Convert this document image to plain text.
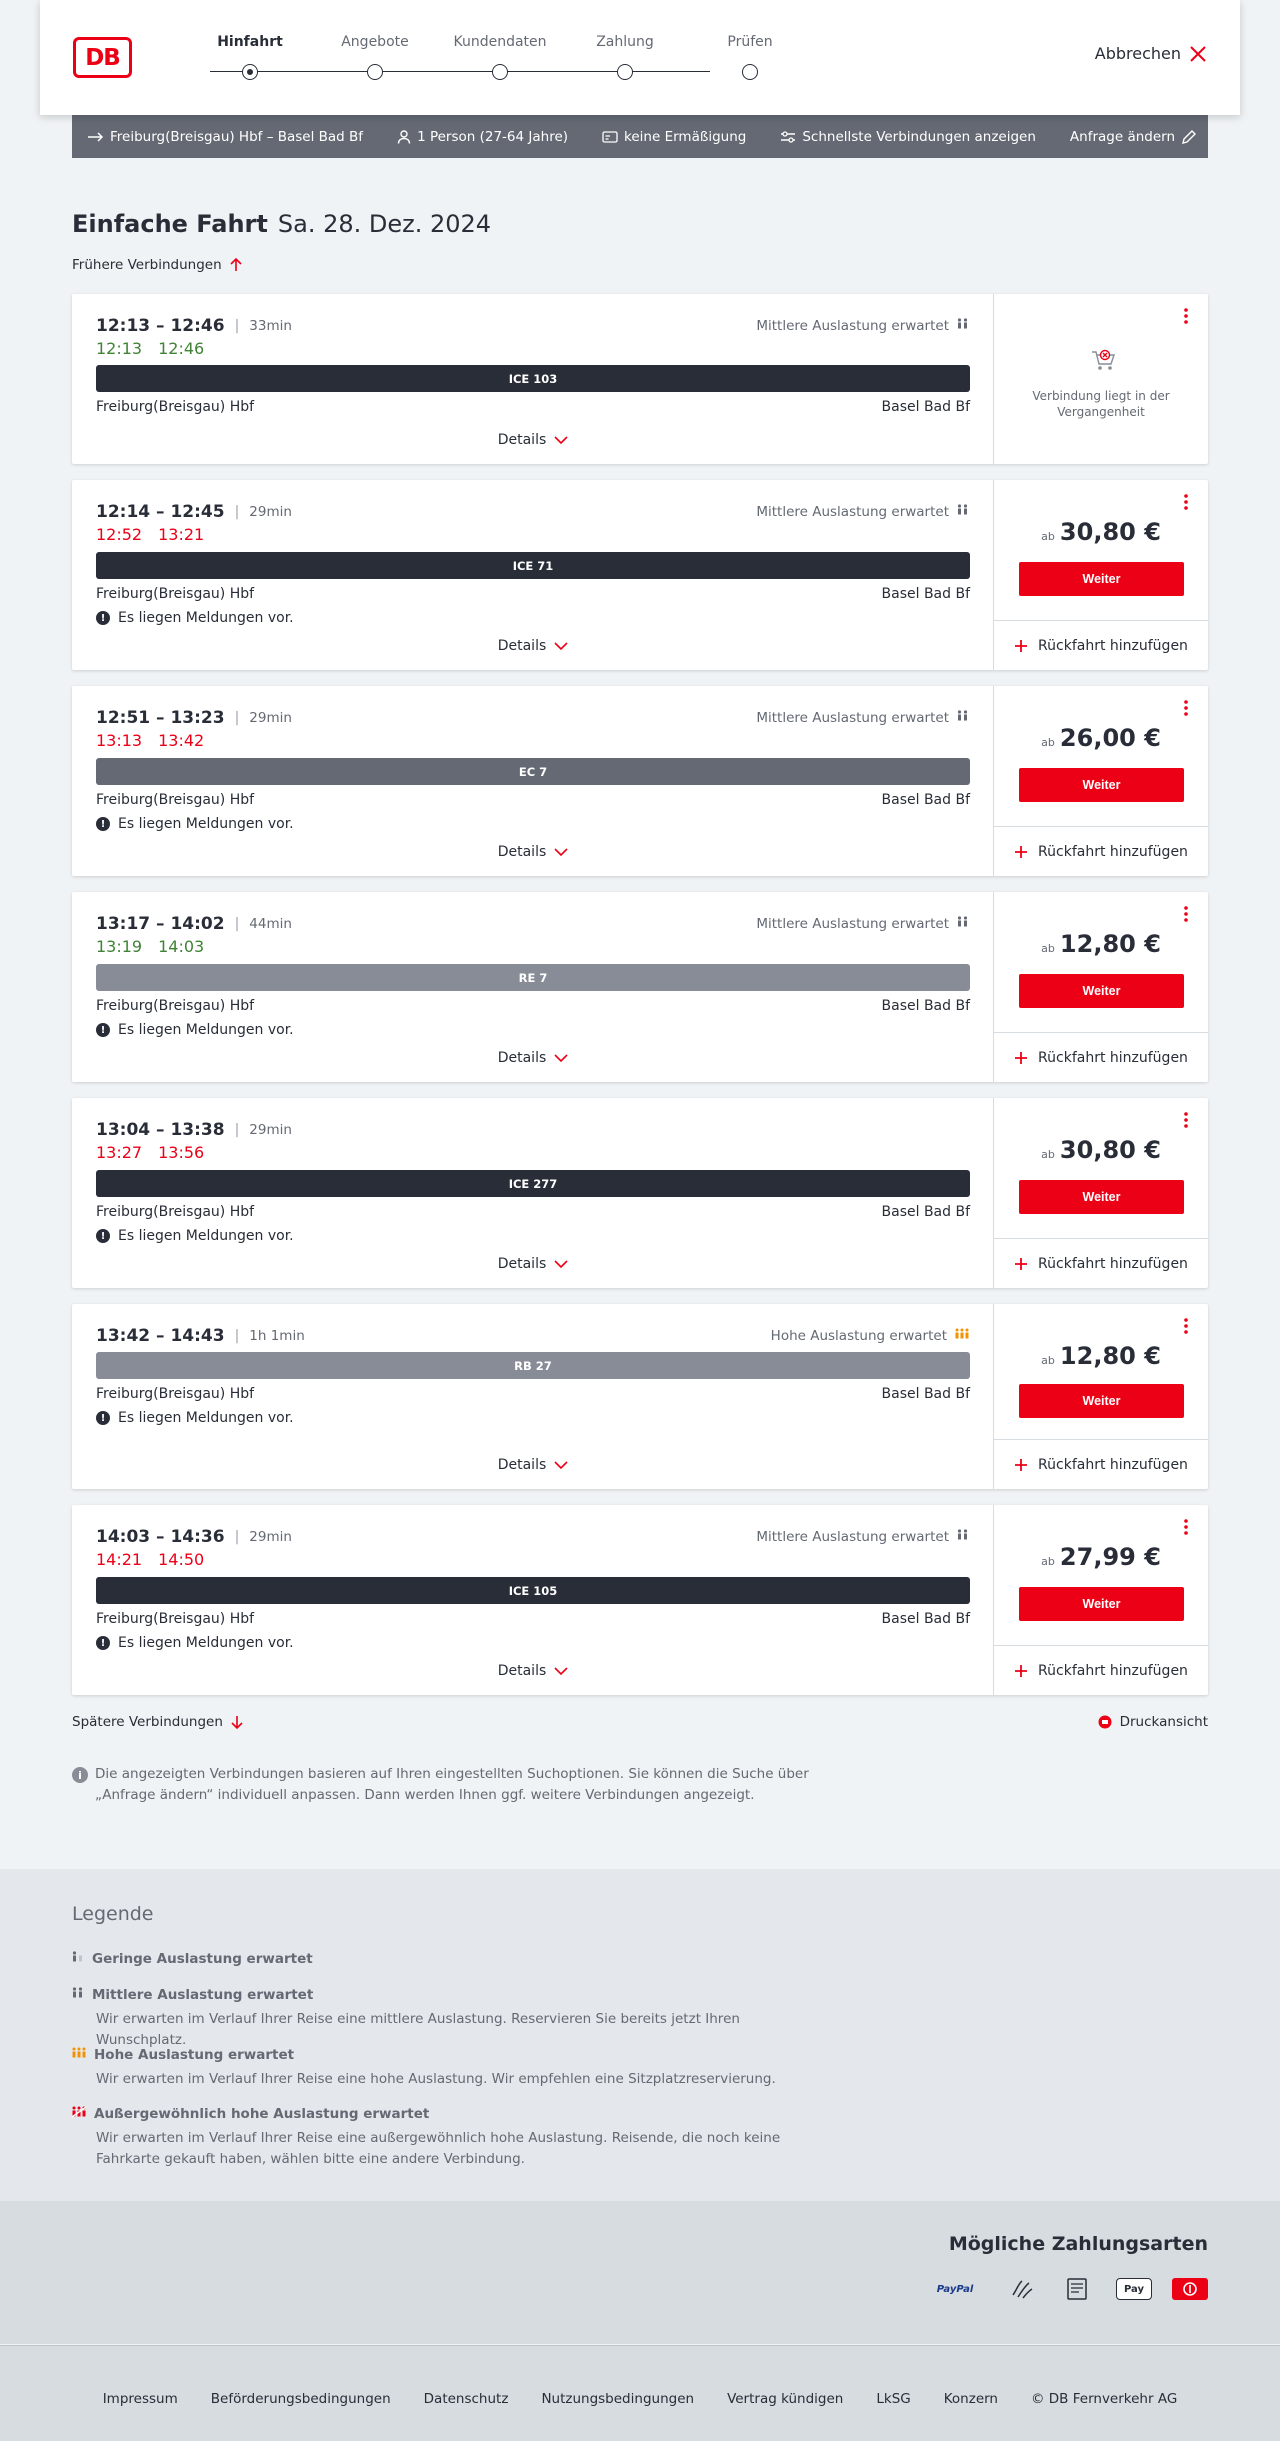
DB
Hinfahrt	Angebote	Kundendaten	Zahlung	Prüfen
Abbrechen
Freiburg(Breisgau) Hbf – Basel Bad Bf	1 Person (27-64 Jahre)	keine Ermäßigung	Schnellste Verbindungen anzeigen	Anfrage ändern
Einfache Fahrt Sa. 28. Dez. 2024
Frühere Verbindungen
12:13 – 12:46 | 33min
12:13 12:46
Mittlere Auslastung erwartet
ICE 103
Freiburg(Breisgau) Hbf	Basel Bad Bf
Details
Verbindung liegt in der Vergangenheit
12:14 – 12:45 | 29min
12:52 13:21
Mittlere Auslastung erwartet
ICE 71
Freiburg(Breisgau) Hbf	Basel Bad Bf
! Es liegen Meldungen vor.
Details
ab 30,80 €
Weiter
Rückfahrt hinzufügen
12:51 – 13:23 | 29min
13:13 13:42
Mittlere Auslastung erwartet
EC 7
Freiburg(Breisgau) Hbf	Basel Bad Bf
! Es liegen Meldungen vor.
Details
ab 26,00 €
Weiter
Rückfahrt hinzufügen
13:17 – 14:02 | 44min
13:19 14:03
Mittlere Auslastung erwartet
RE 7
Freiburg(Breisgau) Hbf	Basel Bad Bf
! Es liegen Meldungen vor.
Details
ab 12,80 €
Weiter
Rückfahrt hinzufügen
13:04 – 13:38 | 29min
13:27 13:56
ICE 277
Freiburg(Breisgau) Hbf	Basel Bad Bf
! Es liegen Meldungen vor.
Details
ab 30,80 €
Weiter
Rückfahrt hinzufügen
13:42 – 14:43 | 1h 1min	Hohe Auslastung erwartet
RB 27
Freiburg(Breisgau) Hbf	Basel Bad Bf
! Es liegen Meldungen vor.
Details
ab 12,80 €
Weiter
Rückfahrt hinzufügen
14:03 – 14:36 | 29min
14:21 14:50
Mittlere Auslastung erwartet
ICE 105
Freiburg(Breisgau) Hbf	Basel Bad Bf
! Es liegen Meldungen vor.
Details
ab 27,99 €
Weiter
Rückfahrt hinzufügen
Spätere Verbindungen	Druckansicht
i Die angezeigten Verbindungen basieren auf Ihren eingestellten Suchoptionen. Sie können die Suche über „Anfrage ändern“ individuell anpassen. Dann werden Ihnen ggf. weitere Verbindungen angezeigt.
Legende
Geringe Auslastung erwartet
Mittlere Auslastung erwartet
Wir erwarten im Verlauf Ihrer Reise eine mittlere Auslastung. Reservieren Sie bereits jetzt Ihren Wunschplatz.
Hohe Auslastung erwartet
Wir erwarten im Verlauf Ihrer Reise eine hohe Auslastung. Wir empfehlen eine Sitzplatzreservierung.
Außergewöhnlich hohe Auslastung erwartet
Wir erwarten im Verlauf Ihrer Reise eine außergewöhnlich hohe Auslastung. Reisende, die noch keine Fahrkarte gekauft haben, wählen bitte eine andere Verbindung.
Mögliche Zahlungsarten
PayPal	Pay
Impressum Beförderungsbedingungen Datenschutz Nutzungsbedingungen Vertrag kündigen LkSG Konzern © DB Fernverkehr AG
